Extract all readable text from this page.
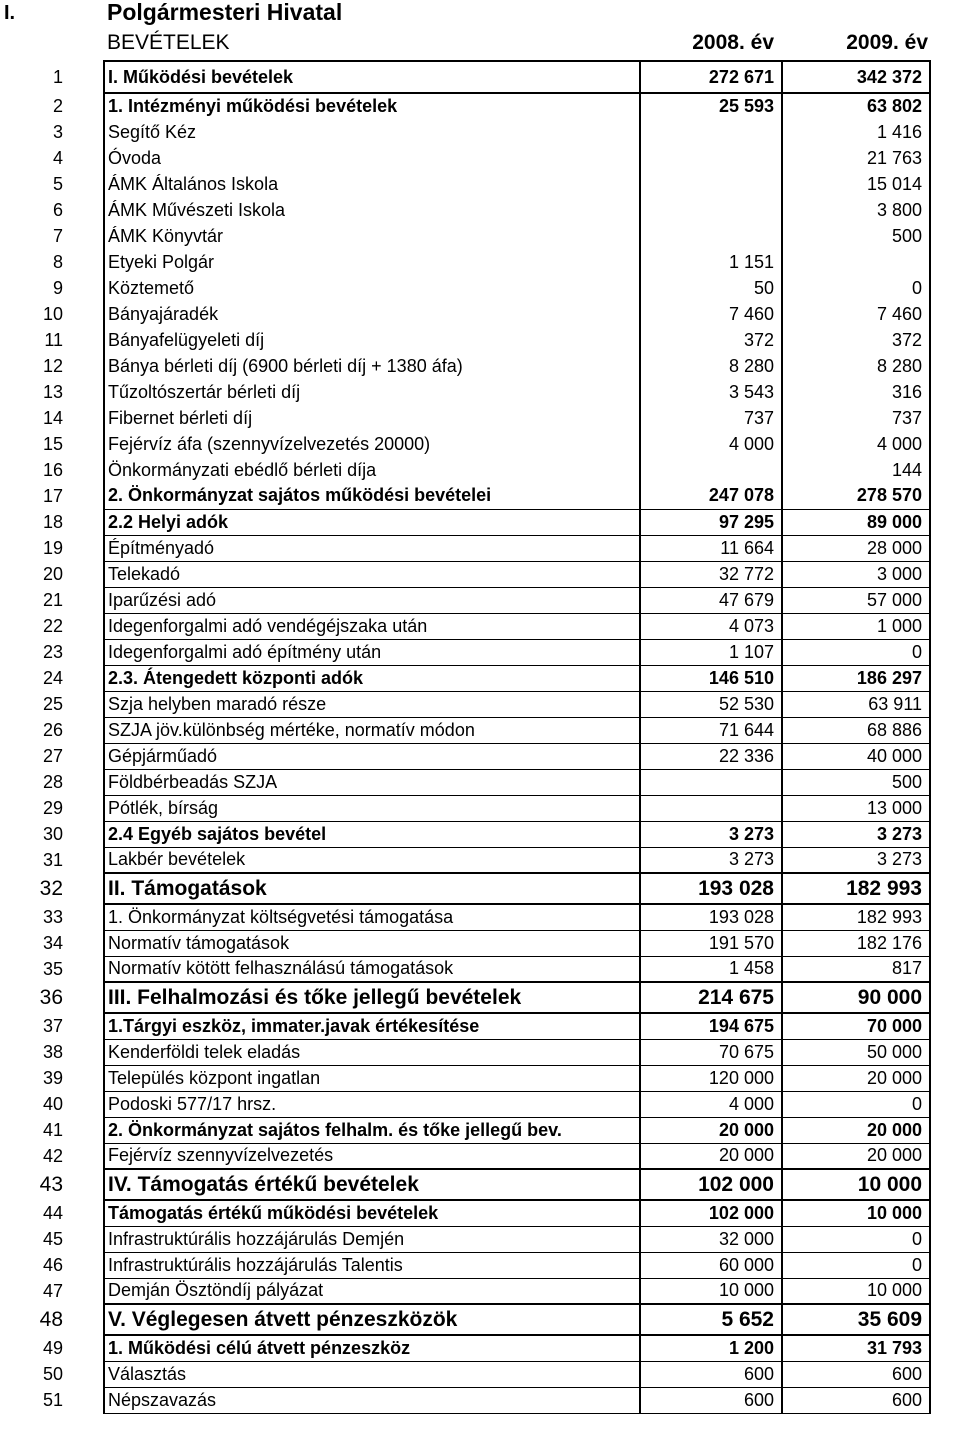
I.	Polgármesteri Hivatal
BEVÉTELEK	2008. év	2009. év
1	I. Működési bevételek	272 671	342 372	
2	1. Intézményi működési bevételek	25 593	63 802	
3	Segítő Kéz		1 416	
4	Óvoda		21 763	
5	ÁMK Általános Iskola		15 014	
6	ÁMK Művészeti Iskola		3 800	
7	ÁMK Könyvtár		500	
8	Etyeki Polgár	1 151		
9	Köztemető	50	0	
10	Bányajáradék	7 460	7 460	
11	Bányafelügyeleti díj	372	372	
12	Bánya bérleti díj (6900 bérleti díj + 1380 áfa)	8 280	8 280	
13	Tűzoltószertár bérleti díj	3 543	316	
14	Fibernet bérleti díj	737	737	
15	Fejérvíz áfa (szennyvízelvezetés 20000)	4 000	4 000	
16	Önkormányzati ebédlő bérleti díja		144	
17	2. Önkormányzat sajátos működési bevételei	247 078	278 570	
18	2.2 Helyi adók	97 295	89 000	
19	Építményadó	11 664	28 000	
20	Telekadó	32 772	3 000	
21	Iparűzési adó	47 679	57 000	
22	Idegenforgalmi adó vendégéjszaka után	4 073	1 000	
23	Idegenforgalmi adó építmény után	1 107	0	
24	2.3. Átengedett központi adók	146 510	186 297	
25	Szja helyben maradó része	52 530	63 911	
26	SZJA jöv.különbség mértéke, normatív módon	71 644	68 886	
27	Gépjárműadó	22 336	40 000	
28	Földbérbeadás SZJA		500	
29	Pótlék, bírság		13 000	
30	2.4 Egyéb sajátos bevétel	3 273	3 273	
31	Lakbér bevételek	3 273	3 273	
32	II. Támogatások	193 028	182 993	
33	1. Önkormányzat költségvetési támogatása	193 028	182 993	
34	Normatív támogatások	191 570	182 176	
35	Normatív kötött felhasználású támogatások	1 458	817	
36	III. Felhalmozási és tőke jellegű bevételek	214 675	90 000	
37	1.Tárgyi eszköz, immater.javak értékesítése	194 675	70 000	
38	Kenderföldi telek eladás	70 675	50 000	
39	Település központ ingatlan	120 000	20 000	
40	Podoski 577/17 hrsz.	4 000	0	
41	2. Önkormányzat sajátos felhalm. és tőke jellegű bev.	20 000	20 000	
42	Fejérvíz szennyvízelvezetés	20 000	20 000	
43	IV. Támogatás értékű bevételek	102 000	10 000	
44	Támogatás értékű működési bevételek	102 000	10 000	
45	Infrastruktúrális hozzájárulás Demjén	32 000	0	
46	Infrastruktúrális hozzájárulás Talentis	60 000	0	
47	Demján Ösztöndíj pályázat	10 000	10 000	
48	V. Véglegesen átvett pénzeszközök	5 652	35 609	
49	1. Működési célú átvett pénzeszköz	1 200	31 793	
50	Választás	600	600	
51	Népszavazás	600	600	
